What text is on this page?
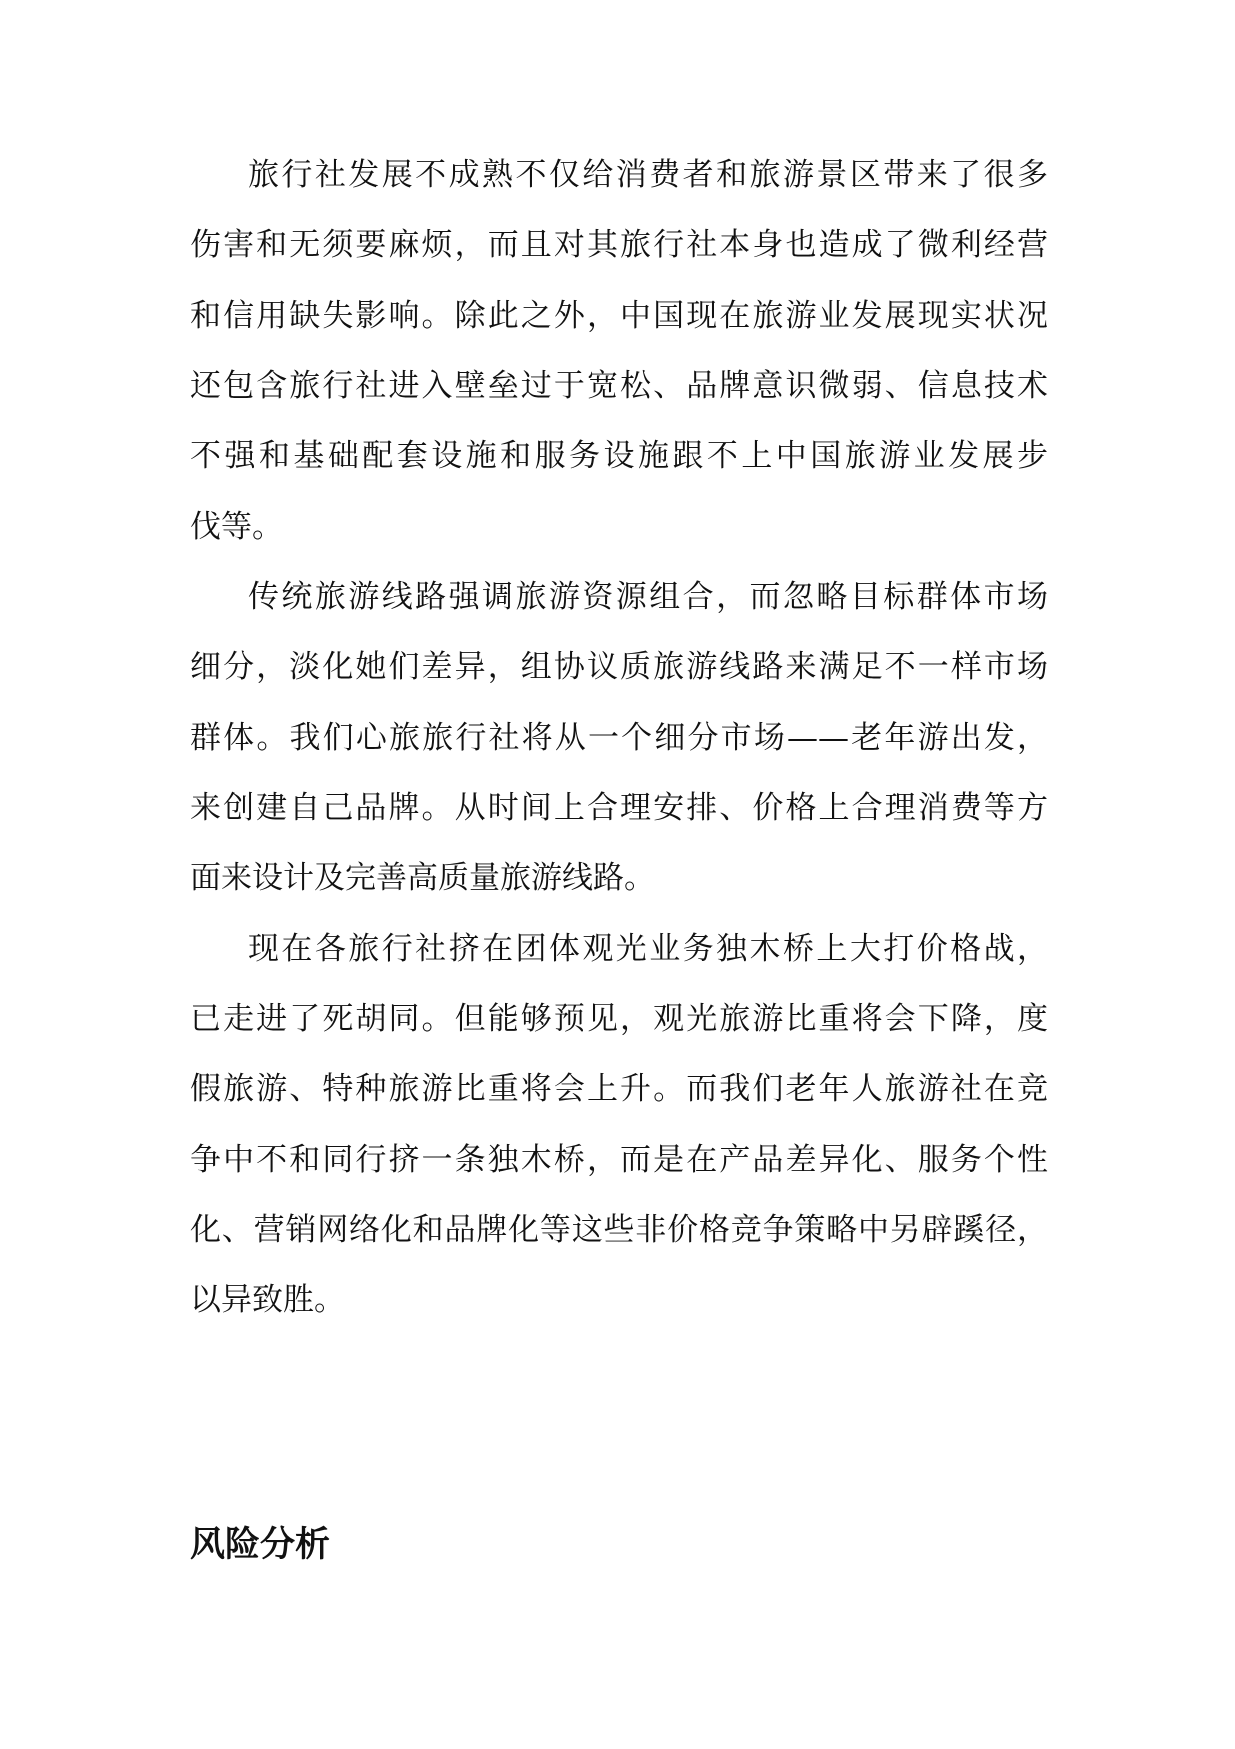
旅行社发展不成熟不仅给消费者和旅游景区带来了很多
伤害和无须要麻烦，而且对其旅行社本身也造成了微利经营
和信用缺失影响。除此之外，中国现在旅游业发展现实状况
还包含旅行社进入壁垒过于宽松、品牌意识微弱、信息技术
不强和基础配套设施和服务设施跟不上中国旅游业发展步
伐等。
传统旅游线路强调旅游资源组合，而忽略目标群体市场
细分，淡化她们差异，组协议质旅游线路来满足不一样市场
群体。我们心旅旅行社将从一个细分市场——老年游出发，
来创建自己品牌。从时间上合理安排、价格上合理消费等方
面来设计及完善高质量旅游线路。
现在各旅行社挤在团体观光业务独木桥上大打价格战，
已走进了死胡同。但能够预见，观光旅游比重将会下降，度
假旅游、特种旅游比重将会上升。而我们老年人旅游社在竞
争中不和同行挤一条独木桥，而是在产品差异化、服务个性
化、营销网络化和品牌化等这些非价格竞争策略中另辟蹊径，
以异致胜。
风险分析
